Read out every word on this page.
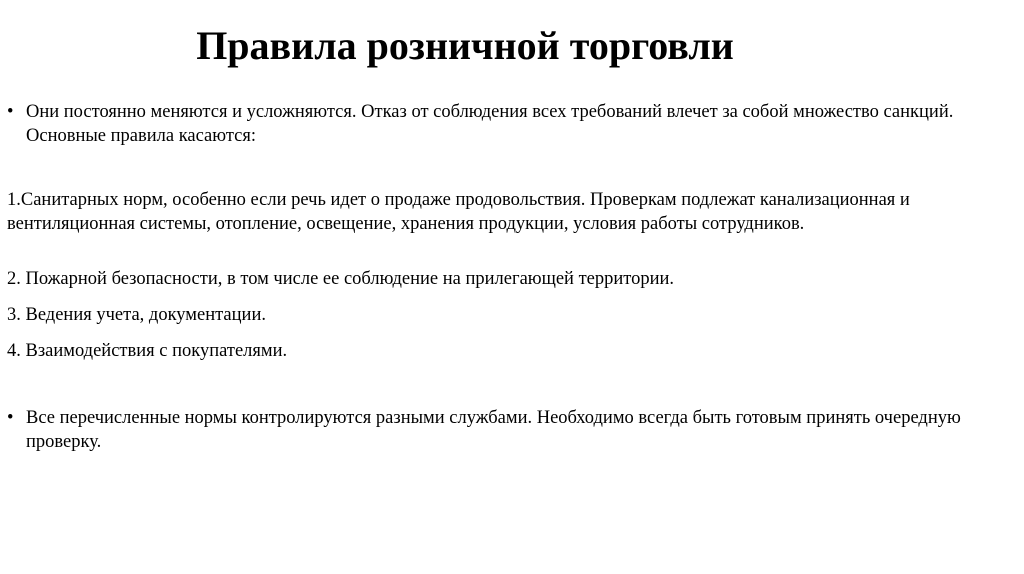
Правила розничной торговли
• Они постоянно меняются и усложняются. Отказ от соблюдения всех требований влечет за собой множество санкций. Основные правила касаются:
1.Санитарных норм, особенно если речь идет о продаже продовольствия. Проверкам подлежат канализационная и вентиляционная системы, отопление, освещение, хранения продукции, условия работы сотрудников.
2. Пожарной безопасности, в том числе ее соблюдение на прилегающей территории.
3. Ведения учета, документации.
4. Взаимодействия с покупателями.
• Все перечисленные нормы контролируются разными службами. Необходимо всегда быть готовым принять очередную проверку.
